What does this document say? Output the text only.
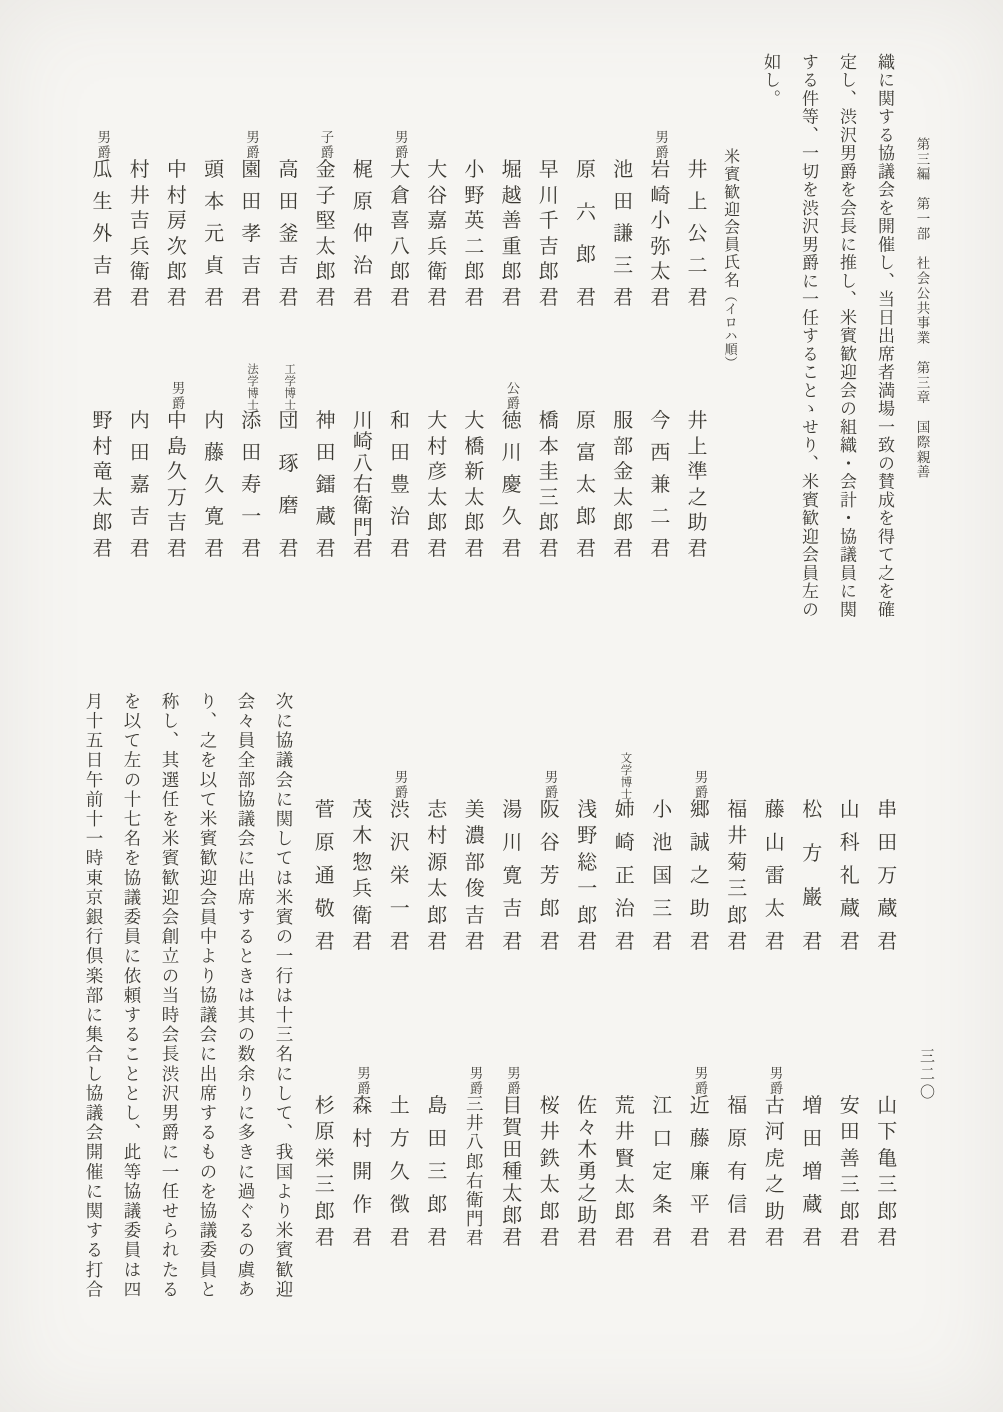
第三編　第一部　社会公共事業　第三章　国際親善
三二〇
織に関する協議会を開催し、当日出席者満場一致の賛成を得て之を確
定し、渋沢男爵を会長に推し、米賓歓迎会の組織・会計・協議員に関
する件等、一切を渋沢男爵に一任することゝせり、米賓歓迎会員左の
如し。
米賓歓迎会員氏名（イロハ順）
井
上
公
二
君
井
上
準
之
助
君
男爵
岩
崎
小
弥
太
君
今
西
兼
二
君
池
田
謙
三
君
服
部
金
太
郎
君
原
六
郎
君
原
富
太
郎
君
早
川
千
吉
郎
君
橋
本
圭
三
郎
君
堀
越
善
重
郎
君
公爵
徳
川
慶
久
君
小
野
英
二
郎
君
大
橋
新
太
郎
君
大
谷
嘉
兵
衛
君
大
村
彦
太
郎
君
男爵
大
倉
喜
八
郎
君
和
田
豊
治
君
梶
原
仲
治
君
川
崎
八
右
衛
門
君
子爵
金
子
堅
太
郎
君
神
田
鐳
蔵
君
高
田
釜
吉
君
工学博士
団
琢
磨
君
男爵
園
田
孝
吉
君
法学博士
添
田
寿
一
君
頭
本
元
貞
君
内
藤
久
寛
君
中
村
房
次
郎
君
男爵
中
島
久
万
吉
君
村
井
吉
兵
衛
君
内
田
嘉
吉
君
男爵
瓜
生
外
吉
君
野
村
竜
太
郎
君
串
田
万
蔵
君
山
下
亀
三
郎
君
山
科
礼
蔵
君
安
田
善
三
郎
君
松
方
巌
君
増
田
増
蔵
君
藤
山
雷
太
君
男爵
古
河
虎
之
助
君
福
井
菊
三
郎
君
福
原
有
信
君
男爵
郷
誠
之
助
君
男爵
近
藤
廉
平
君
小
池
国
三
君
江
口
定
条
君
文学博士
姉
崎
正
治
君
荒
井
賢
太
郎
君
浅
野
総
一
郎
君
佐
々
木
勇
之
助
君
男爵
阪
谷
芳
郎
君
桜
井
鉄
太
郎
君
湯
川
寛
吉
君
男爵
目
賀
田
種
太
郎
君
美
濃
部
俊
吉
君
男爵
三
井
八
郎
右
衛
門
君
志
村
源
太
郎
君
島
田
三
郎
君
男爵
渋
沢
栄
一
君
土
方
久
徴
君
茂
木
惣
兵
衛
君
男爵
森
村
開
作
君
菅
原
通
敬
君
杉
原
栄
三
郎
君
次に協議会に関しては米賓の一行は十三名にして、我国より米賓歓迎
会々員全部協議会に出席するときは其の数余りに多きに過ぐるの虞あ
り、之を以て米賓歓迎会員中より協議会に出席するものを協議委員と
称し、其選任を米賓歓迎会創立の当時会長渋沢男爵に一任せられたる
を以て左の十七名を協議委員に依頼することとし、此等協議委員は四
月十五日午前十一時東京銀行倶楽部に集合し協議会開催に関する打合
